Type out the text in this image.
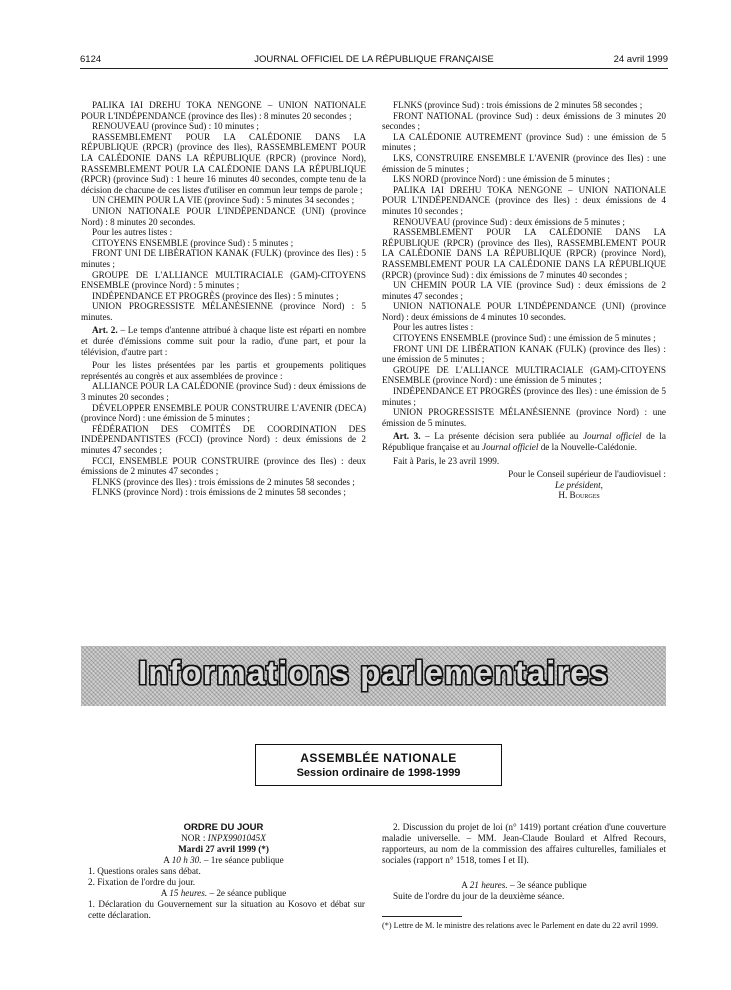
6124	JOURNAL OFFICIEL DE LA RÉPUBLIQUE FRANÇAISE	24 avril 1999

PALIKA IAI DREHU TOKA NENGONE – UNION NATIONALE POUR L'INDÉPENDANCE (province des Iles) : 8 minutes 20 secondes ;

RENOUVEAU (province Sud) : 10 minutes ;

RASSEMBLEMENT POUR LA CALÉDONIE DANS LA RÉPUBLIQUE (RPCR) (province des Iles), RASSEMBLEMENT POUR LA CALÉDONIE DANS LA RÉPUBLIQUE (RPCR) (province Nord), RASSEMBLEMENT POUR LA CALÉDONIE DANS LA RÉPUBLIQUE (RPCR) (province Sud) : 1 heure 16 minutes 40 secondes, compte tenu de la décision de chacune de ces listes d'utiliser en commun leur temps de parole ;

UN CHEMIN POUR LA VIE (province Sud) : 5 minutes 34 secondes ;

UNION NATIONALE POUR L'INDÉPENDANCE (UNI) (province Nord) : 8 minutes 20 secondes.

Pour les autres listes :

CITOYENS ENSEMBLE (province Sud) : 5 minutes ;

FRONT UNI DE LIBÉRATION KANAK (FULK) (province des Iles) : 5 minutes ;

GROUPE DE L'ALLIANCE MULTIRACIALE (GAM)-CITOYENS ENSEMBLE (province Nord) : 5 minutes ;

INDÉPENDANCE ET PROGRÈS (province des Iles) : 5 minutes ;

UNION PROGRESSISTE MÉLANÉSIENNE (province Nord) : 5 minutes.

Art. 2. – Le temps d'antenne attribué à chaque liste est réparti en nombre et durée d'émissions comme suit pour la radio, d'une part, et pour la télévision, d'autre part :

Pour les listes présentées par les partis et groupements politiques représentés au congrès et aux assemblées de province :

ALLIANCE POUR LA CALÉDONIE (province Sud) : deux émissions de 3 minutes 20 secondes ;

DÉVELOPPER ENSEMBLE POUR CONSTRUIRE L'AVENIR (DECA) (province Nord) : une émission de 5 minutes ;

FÉDÉRATION DES COMITÉS DE COORDINATION DES INDÉPENDANTISTES (FCCI) (province Nord) : deux émissions de 2 minutes 47 secondes ;

FCCI, ENSEMBLE POUR CONSTRUIRE (province des Iles) : deux émissions de 2 minutes 47 secondes ;

FLNKS (province des Iles) : trois émissions de 2 minutes 58 secondes ;

FLNKS (province Nord) : trois émissions de 2 minutes 58 secondes ;

FLNKS (province Sud) : trois émissions de 2 minutes 58 secondes ;

FRONT NATIONAL (province Sud) : deux émissions de 3 minutes 20 secondes ;

LA CALÉDONIE AUTREMENT (province Sud) : une émission de 5 minutes ;

LKS, CONSTRUIRE ENSEMBLE L'AVENIR (province des Iles) : une émission de 5 minutes ;

LKS NORD (province Nord) : une émission de 5 minutes ;

PALIKA IAI DREHU TOKA NENGONE – UNION NATIONALE POUR L'INDÉPENDANCE (province des Iles) : deux émissions de 4 minutes 10 secondes ;

RENOUVEAU (province Sud) : deux émissions de 5 minutes ;

RASSEMBLEMENT POUR LA CALÉDONIE DANS LA RÉPUBLIQUE (RPCR) (province des Iles), RASSEMBLEMENT POUR LA CALÉDONIE DANS LA RÉPUBLIQUE (RPCR) (province Nord), RASSEMBLEMENT POUR LA CALÉDONIE DANS LA RÉPUBLIQUE (RPCR) (province Sud) : dix émissions de 7 minutes 40 secondes ;

UN CHEMIN POUR LA VIE (province Sud) : deux émissions de 2 minutes 47 secondes ;

UNION NATIONALE POUR L'INDÉPENDANCE (UNI) (province Nord) : deux émissions de 4 minutes 10 secondes.

Pour les autres listes :

CITOYENS ENSEMBLE (province Sud) : une émission de 5 minutes ;

FRONT UNI DE LIBÉRATION KANAK (FULK) (province des Iles) : une émission de 5 minutes ;

GROUPE DE L'ALLIANCE MULTIRACIALE (GAM)-CITOYENS ENSEMBLE (province Nord) : une émission de 5 minutes ;

INDÉPENDANCE ET PROGRÈS (province des Iles) : une émission de 5 minutes ;

UNION PROGRESSISTE MÉLANÉSIENNE (province Nord) : une émission de 5 minutes.

Art. 3. – La présente décision sera publiée au Journal officiel de la République française et au Journal officiel de la Nouvelle-Calédonie.

Fait à Paris, le 23 avril 1999.

Pour le Conseil supérieur de l'audiovisuel :

Le président,

H. Bourges

Informations parlementaires
ASSEMBLÉE NATIONALE
Session ordinaire de 1998-1999

ORDRE DU JOUR

NOR : INPX9901045X

Mardi 27 avril 1999 (*)

A 10 h 30. – 1re séance publique

1. Questions orales sans débat.

2. Fixation de l'ordre du jour.

A 15 heures. – 2e séance publique

1. Déclaration du Gouvernement sur la situation au Kosovo et débat sur cette déclaration.

2. Discussion du projet de loi (n° 1419) portant création d'une couverture maladie universelle. – MM. Jean-Claude Boulard et Alfred Recours, rapporteurs, au nom de la commission des affaires culturelles, familiales et sociales (rapport n° 1518, tomes I et II).

A 21 heures. – 3e séance publique

Suite de l'ordre du jour de la deuxième séance.

(*) Lettre de M. le ministre des relations avec le Parlement en date du 22 avril 1999.
